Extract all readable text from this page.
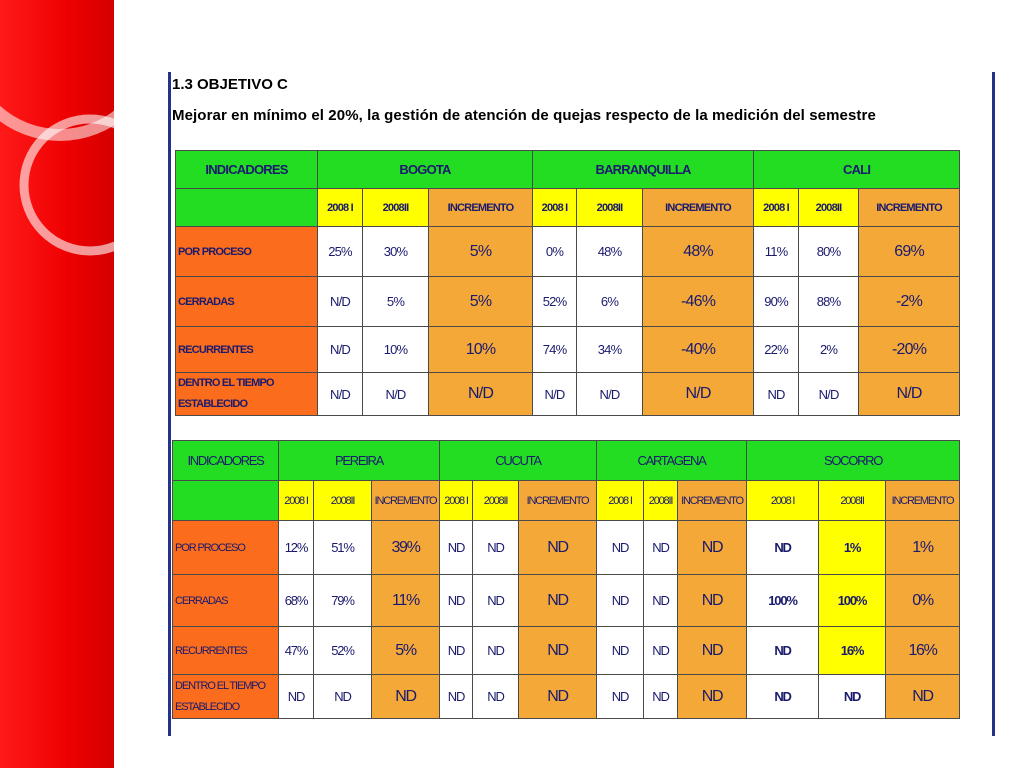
1.3 OBJETIVO C
Mejorar en mínimo el 20%, la gestión de atención de quejas respecto de la medición del semestre
INDICADORES	BOGOTA			BARRANQUILLA			CALI		
	2008 I	2008II	INCREMENTO	2008 I	2008II	INCREMENTO	2008 I	2008II	INCREMENTO
POR PROCESO	25%	30%	5%	0%	48%	48%	11%	80%	69%
CERRADAS	N/D	5%	5%	52%	6%	-46%	90%	88%	-2%
RECURRENTES	N/D	10%	10%	74%	34%	-40%	22%	2%	-20%
DENTRO EL TIEMPO
ESTABLECIDO	N/D	N/D	N/D	N/D	N/D	N/D	ND	N/D	N/D
INDICADORES	PEREIRA			CUCUTA			CARTAGENA			SOCORRO		
	2008 I	2008II	INCREMENTO	2008 I	2008II	INCREMENTO	2008 I	2008II	INCREMENTO	2008 I	2008II	INCREMENTO
POR PROCESO	12%	51%	39%	ND	ND	ND	ND	ND	ND	ND	1%	1%
CERRADAS	68%	79%	11%	ND	ND	ND	ND	ND	ND	100%	100%	0%
RECURRENTES	47%	52%	5%	ND	ND	ND	ND	ND	ND	ND	16%	16%
DENTRO EL TIEMPO
ESTABLECIDO	ND	ND	ND	ND	ND	ND	ND	ND	ND	ND	ND	ND
